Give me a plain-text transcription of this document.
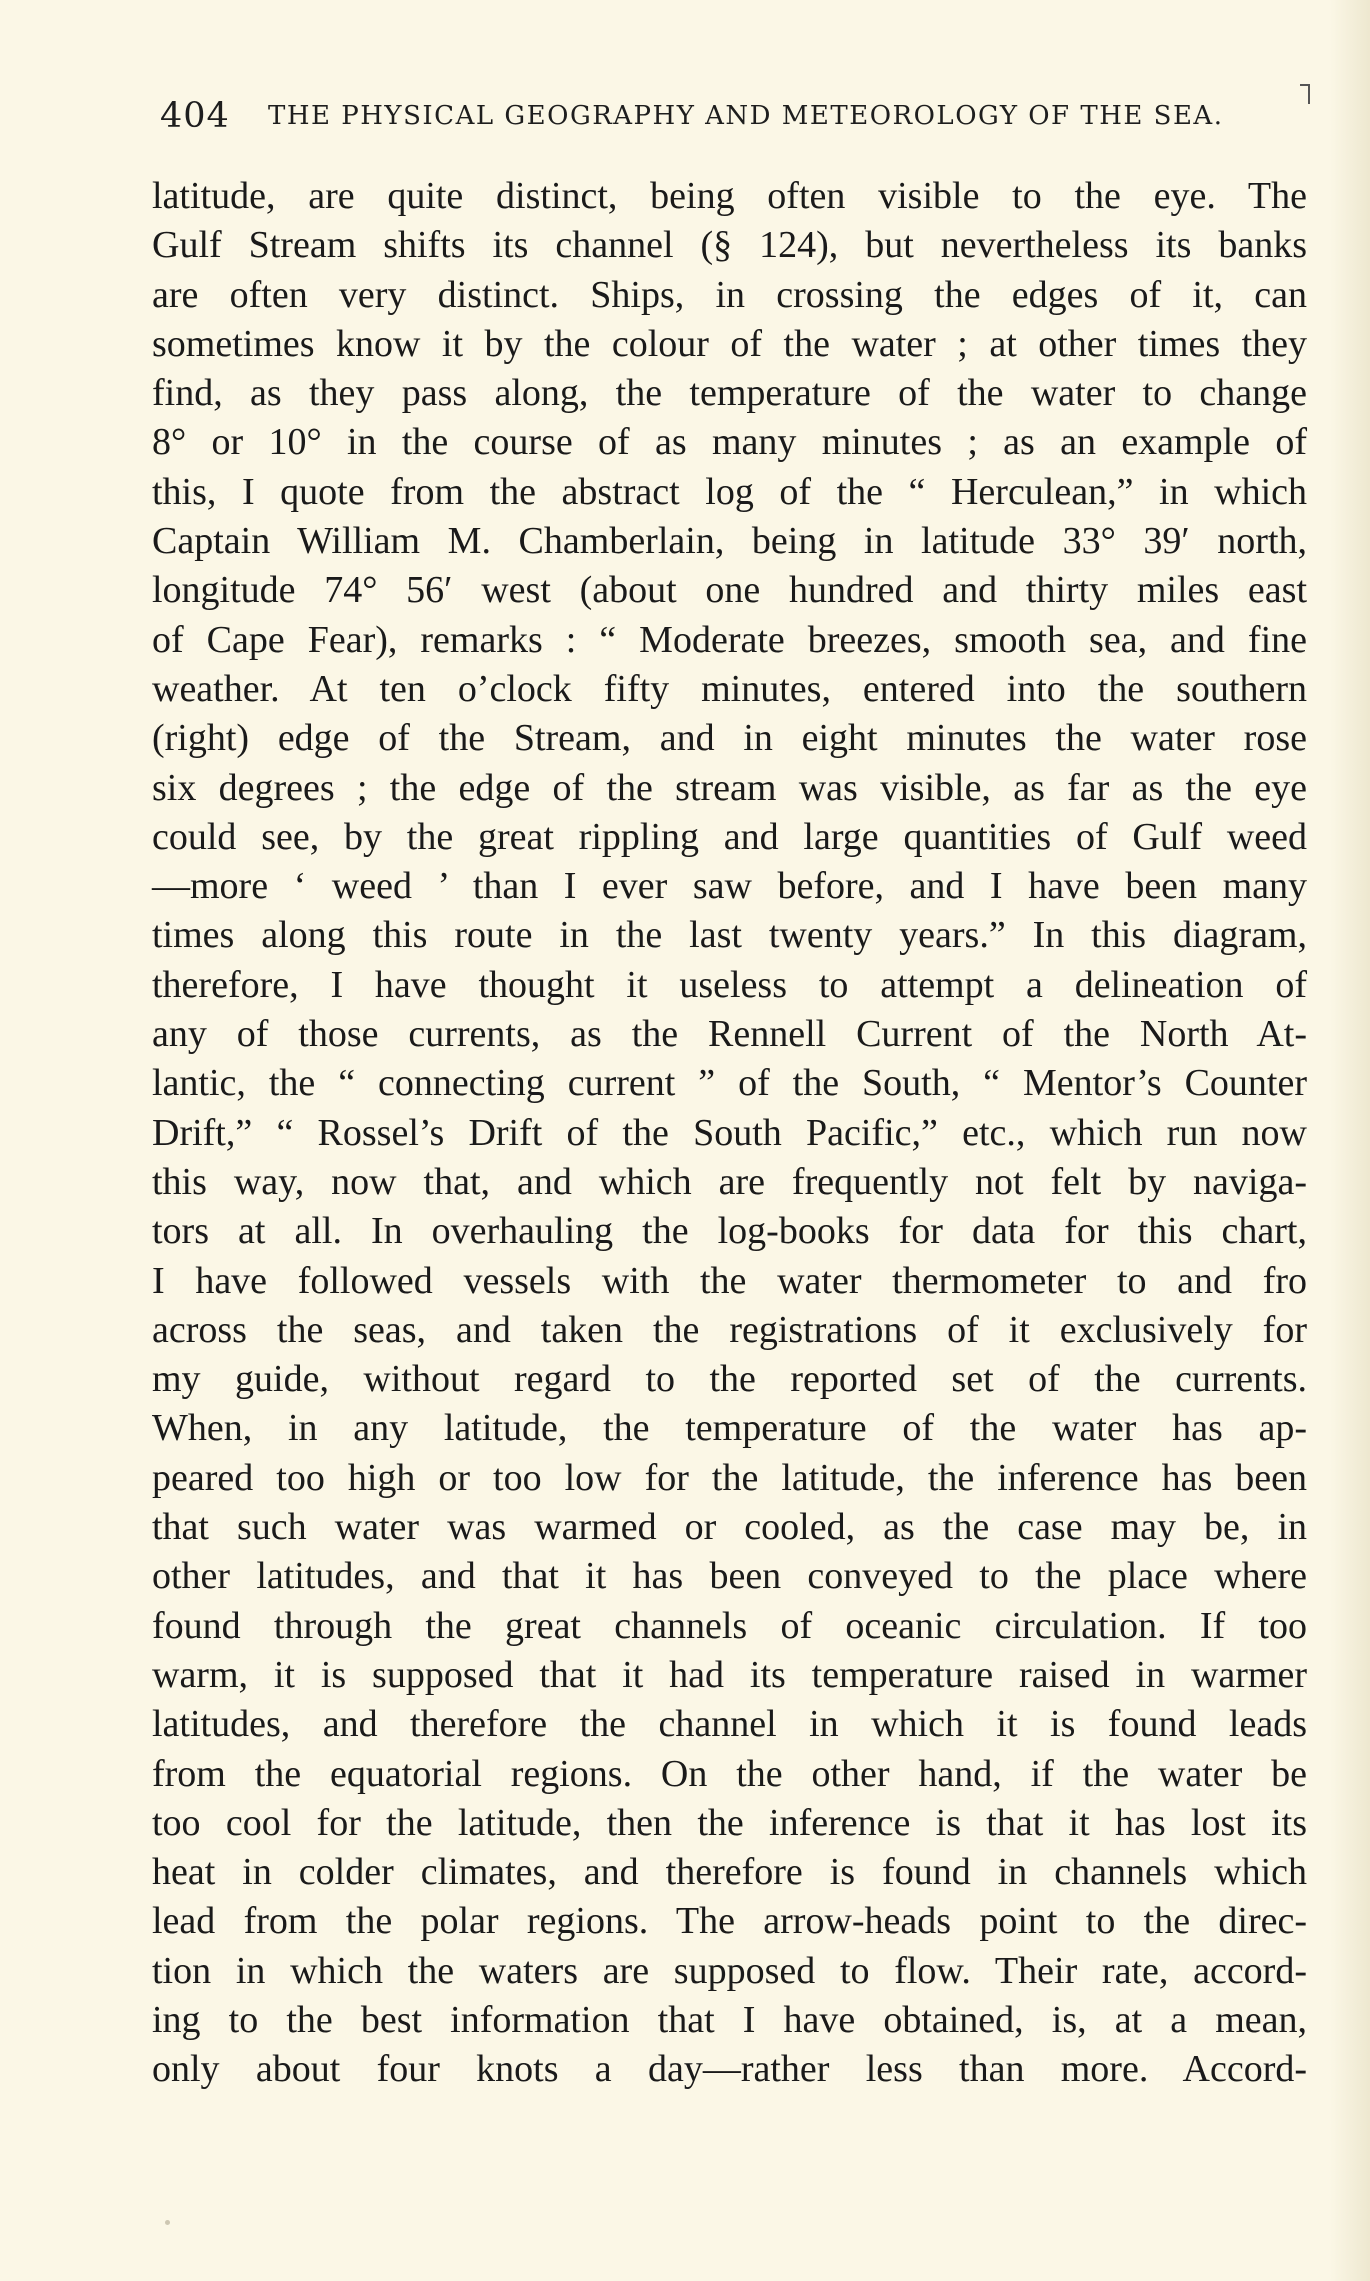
404 THE PHYSICAL GEOGRAPHY AND METEOROLOGY OF THE SEA.
latitude, are quite distinct, being often visible to the eye. The
Gulf Stream shifts its channel (§ 124), but nevertheless its banks
are often very distinct. Ships, in crossing the edges of it, can
sometimes know it by the colour of the water ; at other times they
find, as they pass along, the temperature of the water to change
8° or 10° in the course of as many minutes ; as an example of
this, I quote from the abstract log of the “ Herculean,” in which
Captain William M. Chamberlain, being in latitude 33° 39′ north,
longitude 74° 56′ west (about one hundred and thirty miles east
of Cape Fear), remarks : “ Moderate breezes, smooth sea, and fine
weather. At ten o’clock fifty minutes, entered into the southern
(right) edge of the Stream, and in eight minutes the water rose
six degrees ; the edge of the stream was visible, as far as the eye
could see, by the great rippling and large quantities of Gulf weed
—more ‘ weed ’ than I ever saw before, and I have been many
times along this route in the last twenty years.” In this diagram,
therefore, I have thought it useless to attempt a delineation of
any of those currents, as the Rennell Current of the North At-
lantic, the “ connecting current ” of the South, “ Mentor’s Counter
Drift,” “ Rossel’s Drift of the South Pacific,” etc., which run now
this way, now that, and which are frequently not felt by naviga-
tors at all. In overhauling the log-books for data for this chart,
I have followed vessels with the water thermometer to and fro
across the seas, and taken the registrations of it exclusively for
my guide, without regard to the reported set of the currents.
When, in any latitude, the temperature of the water has ap-
peared too high or too low for the latitude, the inference has been
that such water was warmed or cooled, as the case may be, in
other latitudes, and that it has been conveyed to the place where
found through the great channels of oceanic circulation. If too
warm, it is supposed that it had its temperature raised in warmer
latitudes, and therefore the channel in which it is found leads
from the equatorial regions. On the other hand, if the water be
too cool for the latitude, then the inference is that it has lost its
heat in colder climates, and therefore is found in channels which
lead from the polar regions. The arrow-heads point to the direc-
tion in which the waters are supposed to flow. Their rate, accord-
ing to the best information that I have obtained, is, at a mean,
only about four knots a day—rather less than more. Accord-
